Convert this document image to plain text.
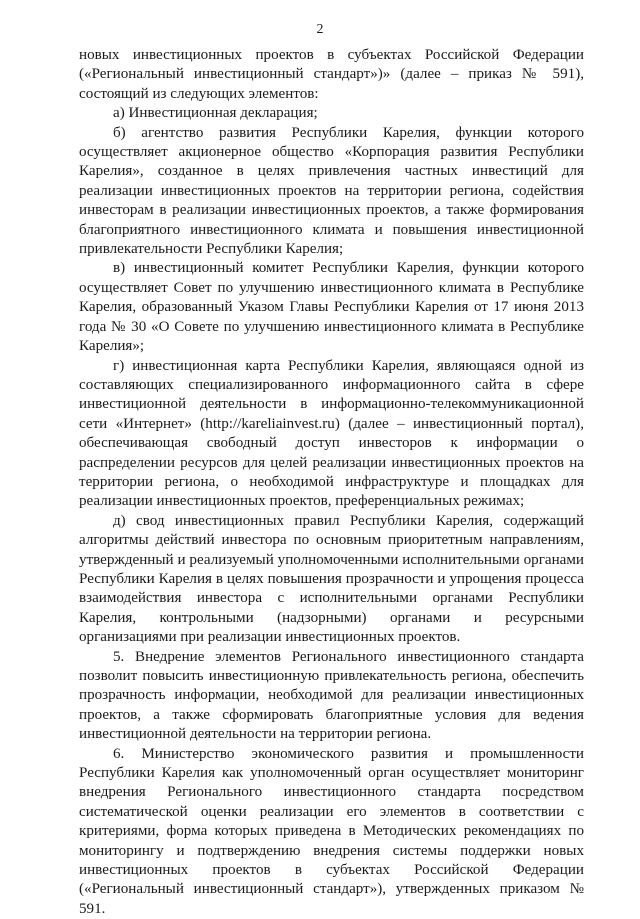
2

новых инвестиционных проектов в субъектах Российской Федерации («Региональный инвестиционный стандарт»)» (далее – приказ № 591), состоящий из следующих элементов:

а) Инвестиционная декларация;

б) агентство развития Республики Карелия, функции которого осуществляет акционерное общество «Корпорация развития Республики Карелия», созданное в целях привлечения частных инвестиций для реализации инвестиционных проектов на территории региона, содействия инвесторам в реализации инвестиционных проектов, а также формирования благоприятного инвестиционного климата и повышения инвестиционной привлекательности Республики Карелия;

в) инвестиционный комитет Республики Карелия, функции которого осуществляет Совет по улучшению инвестиционного климата в Республике Карелия, образованный Указом Главы Республики Карелия от 17 июня 2013 года № 30 «О Совете по улучшению инвестиционного климата в Республике Карелия»;

г) инвестиционная карта Республики Карелия, являющаяся одной из составляющих специализированного информационного сайта в сфере инвестиционной деятельности в информационно-телекоммуникационной сети «Интернет» (http://kareliainvest.ru) (далее – инвестиционный портал), обеспечивающая свободный доступ инвесторов к информации о распределении ресурсов для целей реализации инвестиционных проектов на территории региона, о необходимой инфраструктуре и площадках для реализации инвестиционных проектов, преференциальных режимах;

д) свод инвестиционных правил Республики Карелия, содержащий алгоритмы действий инвестора по основным приоритетным направлениям, утвержденный и реализуемый уполномоченными исполнительными органами Республики Карелия в целях повышения прозрачности и упрощения процесса взаимодействия инвестора с исполнительными органами Республики Карелия, контрольными (надзорными) органами и ресурсными организациями при реализации инвестиционных проектов.

5. Внедрение элементов Регионального инвестиционного стандарта позволит повысить инвестиционную привлекательность региона, обеспечить прозрачность информации, необходимой для реализации инвестиционных проектов, а также сформировать благоприятные условия для ведения инвестиционной деятельности на территории региона.

6. Министерство экономического развития и промышленности Республики Карелия как уполномоченный орган осуществляет мониторинг внедрения Регионального инвестиционного стандарта посредством систематической оценки реализации его элементов в соответствии с критериями, форма которых приведена в Методических рекомендациях по мониторингу и подтверждению внедрения системы поддержки новых инвестиционных проектов в субъектах Российской Федерации («Региональный инвестиционный стандарт»), утвержденных приказом № 591.
